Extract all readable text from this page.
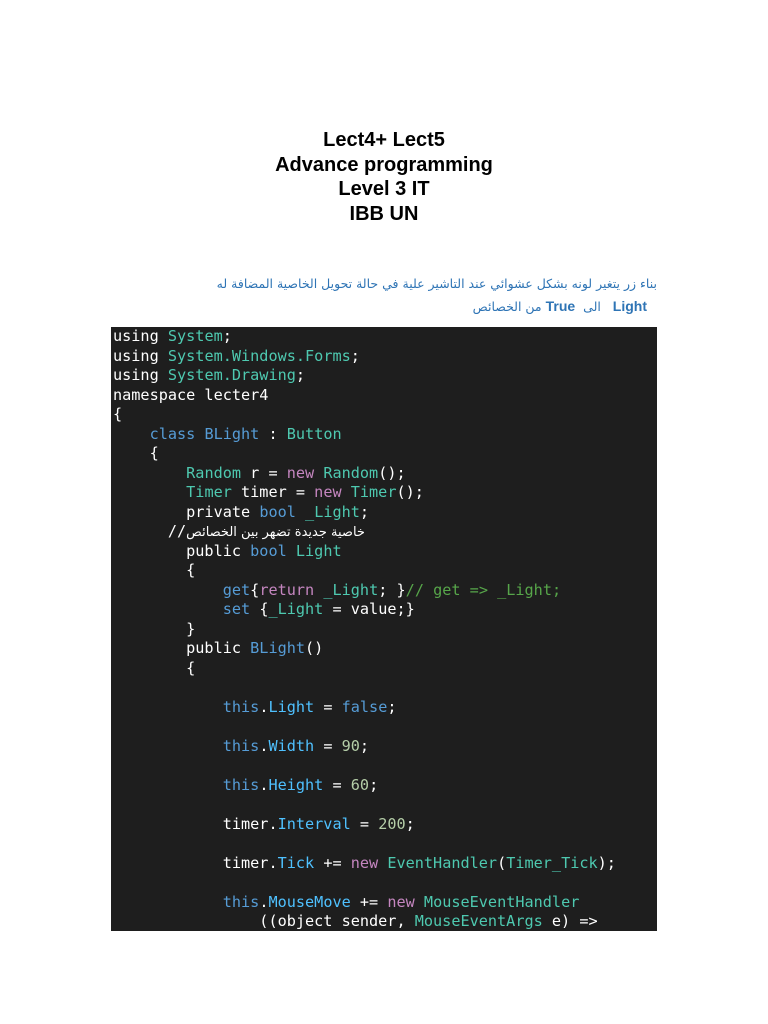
Lect4+ Lect5
Advance programming
Level 3 IT
IBB UN
بناء زر يتغير لونه بشكل عشوائي عند التاشير علية في حالة تحويل الخاصية المضافة له
Light   الى  True من الخصائص
using System;
using System.Windows.Forms;
using System.Drawing;
namespace lecter4
{
class BLight : Button
{
Random r = new Random();
Timer timer = new Timer();
private bool _Light;
//خاصية جديدة تضهر بين الخصائص
public bool Light
{
get{return _Light; }// get => _Light;
set {_Light = value;}
}
public BLight()
{

this.Light = false;

this.Width = 90;

this.Height = 60;

timer.Interval = 200;

timer.Tick += new EventHandler(Timer_Tick);

this.MouseMove += new MouseEventHandler
((object sender, MouseEventArgs e) =>
